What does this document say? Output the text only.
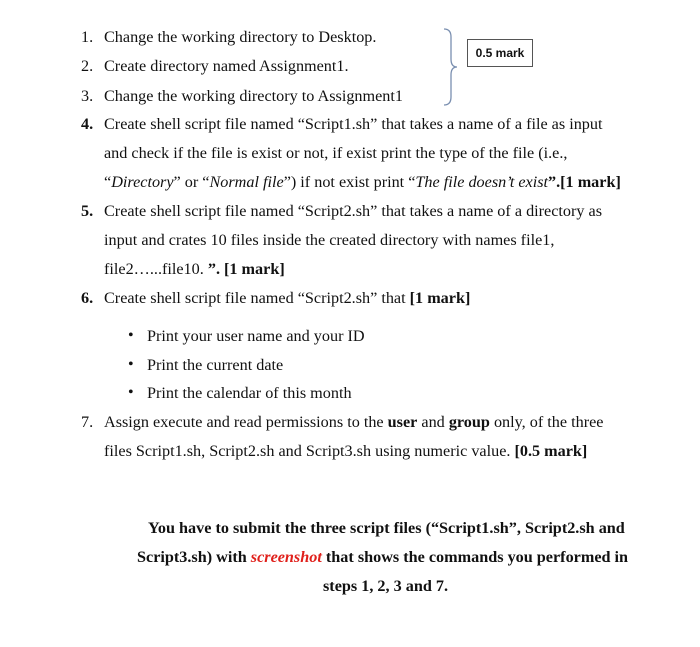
1. Change the working directory to Desktop.
2. Create directory named Assignment1.
3. Change the working directory to Assignment1
0.5 mark
4. Create shell script file named “Script1.sh” that takes a name of a file as input
and check if the file is exist or not, if exist print the type of the file (i.e.,
“Directory” or “Normal file”) if not exist print “The file doesn’t exist”.[1 mark]
5. Create shell script file named “Script2.sh” that takes a name of a directory as
input and crates 10 files inside the created directory with names file1,
file2…...file10. ”. [1 mark]
6. Create shell script file named “Script2.sh” that [1 mark]
• Print your user name and your ID
• Print the current date
• Print the calendar of this month
7. Assign execute and read permissions to the user and group only, of the three
files Script1.sh, Script2.sh and Script3.sh using numeric value. [0.5 mark]
You have to submit the three script files (“Script1.sh”, Script2.sh and
Script3.sh) with screenshot that shows the commands you performed in
steps 1, 2, 3 and 7.
